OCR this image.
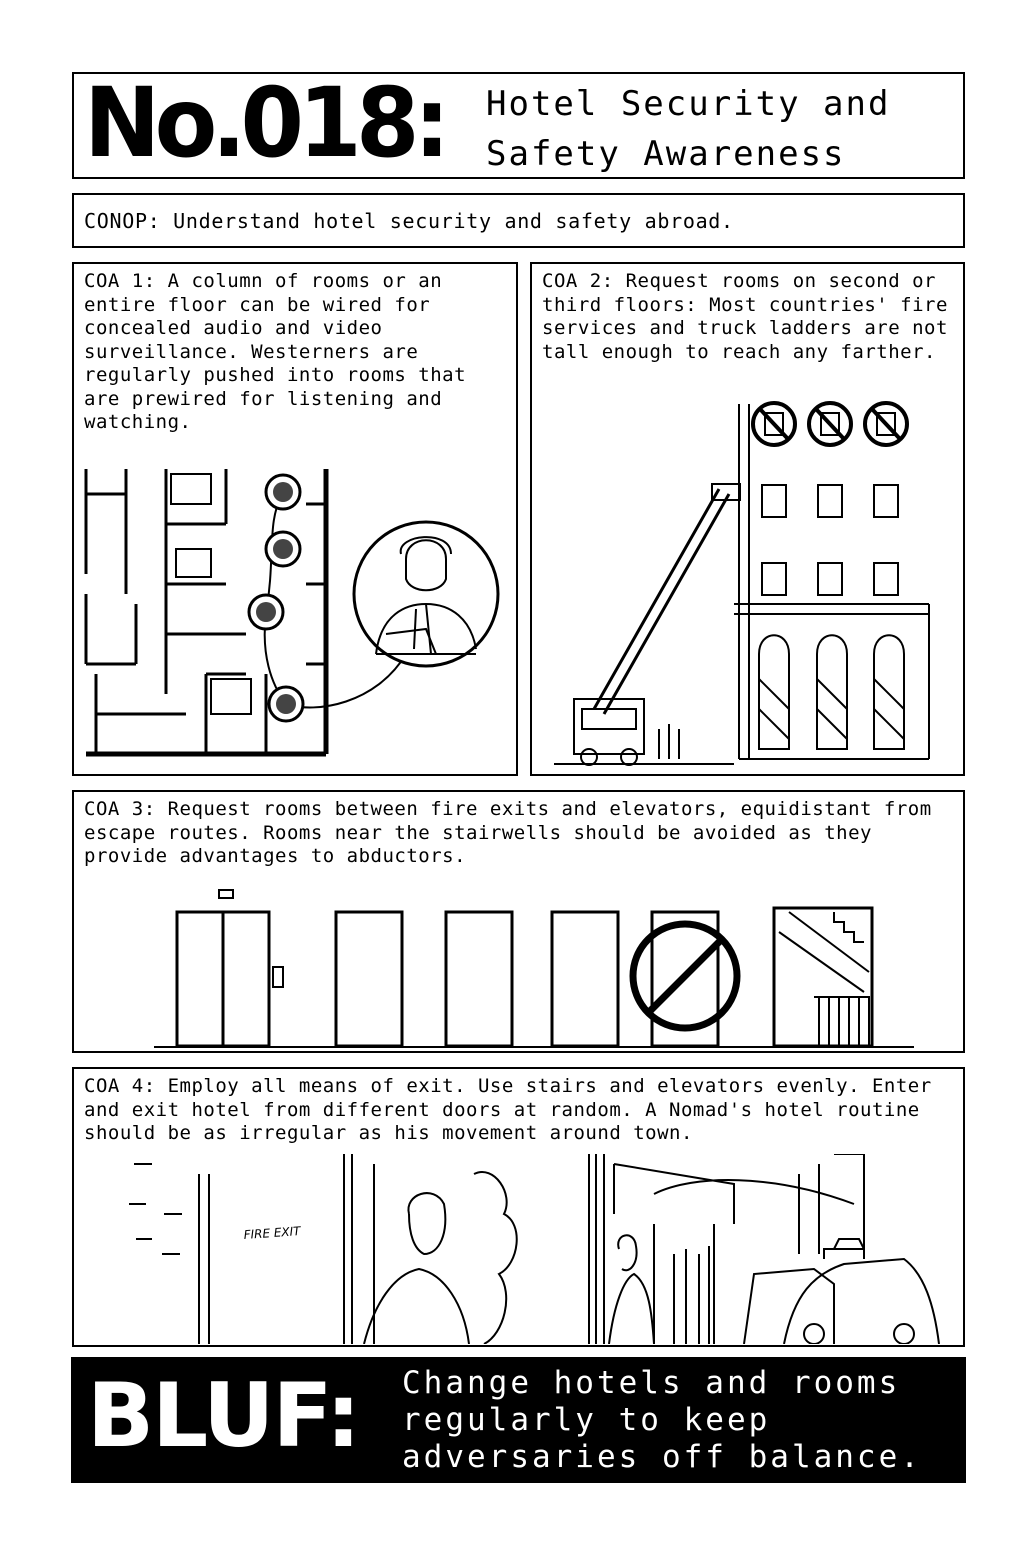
No.018: Hotel Security and
Safety Awareness
CONOP: Understand hotel security and safety abroad.
COA 1: A column of rooms or an entire floor can be wired for concealed audio and video surveillance. Westerners are regularly pushed into rooms that are prewired for listening and watching.
COA 2: Request rooms on second or third floors: Most countries' fire services and truck ladders are not tall enough to reach any farther.
COA 3: Request rooms between fire exits and elevators, equidistant from escape routes. Rooms near the stairwells should be avoided as they provide advantages to abductors.
COA 4: Employ all means of exit. Use stairs and elevators evenly. Enter and exit hotel from different doors at random. A Nomad's hotel routine should be as irregular as his movement around town.
FIRE EXIT
BLUF: Change hotels and rooms
regularly to keep
adversaries off balance.
